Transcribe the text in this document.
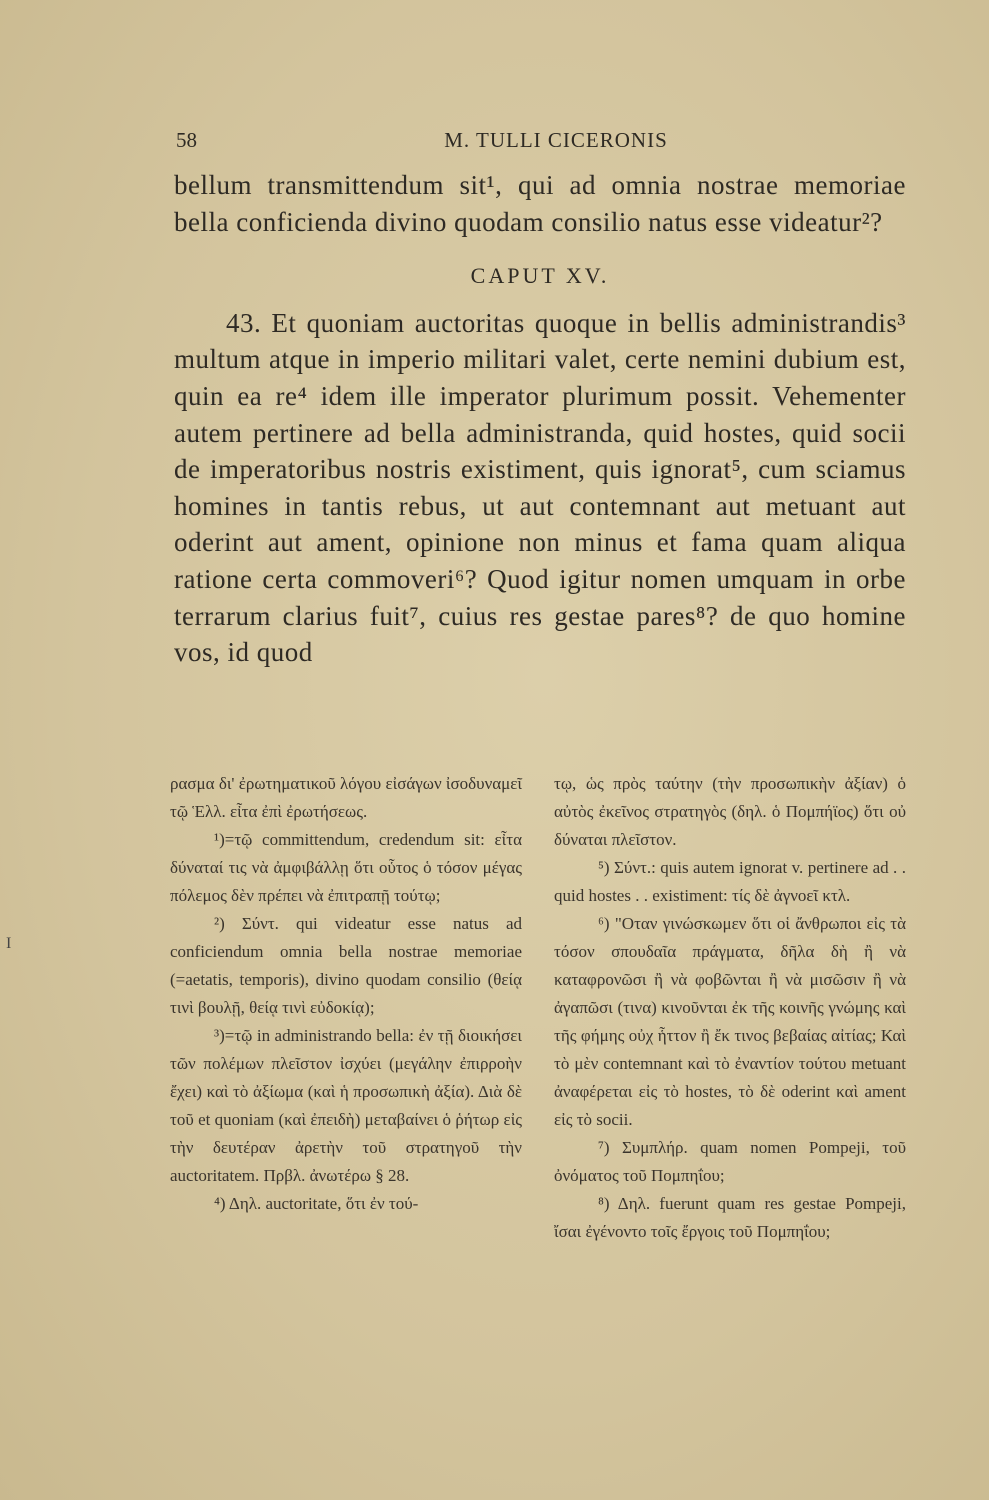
58	M. TULLI CICERONIS

bellum transmittendum sit¹, qui ad omnia nostrae memoriae bella conficienda divino quodam consilio natus esse videatur²?

CAPUT XV.

43. Et quoniam auctoritas quoque in bellis administrandis³ multum atque in imperio militari valet, certe nemini dubium est, quin ea re⁴ idem ille imperator plurimum possit. Vehementer autem pertinere ad bella administranda, quid hostes, quid socii de imperatoribus nostris existiment, quis ignorat⁵, cum sciamus homines in tantis rebus, ut aut contemnant aut metuant aut oderint aut ament, opinione non minus et fama quam aliqua ratione certa commoveri⁶? Quod igitur nomen umquam in orbe terrarum clarius fuit⁷, cuius res gestae pares⁸? de quo homine vos, id quod

ρασμα δι' ἐρωτηματικοῦ λόγου εἰσάγων ἰσοδυναμεῖ τῷ Ἑλλ. εἶτα ἐπὶ ἐρωτήσεως.

¹)=τῷ committendum, credendum sit: εἶτα δύναταί τις νὰ ἀμφιβάλλῃ ὅτι οὗτος ὁ τόσον μέγας πόλεμος δὲν πρέπει νὰ ἐπιτραπῇ τούτῳ;

²) Σύντ. qui videatur esse natus ad conficiendum omnia bella nostrae memoriae (=aetatis, temporis), divino quodam consilio (θείᾳ τινὶ βουλῇ, θείᾳ τινὶ εὐδοκίᾳ);

³)=τῷ in administrando bella: ἐν τῇ διοικήσει τῶν πολέμων πλεῖστον ἰσχύει (μεγάλην ἐπιρροὴν ἔχει) καὶ τὸ ἀξίωμα (καὶ ἡ προσωπικὴ ἀξία). Διὰ δὲ τοῦ et quoniam (καὶ ἐπειδὴ) μεταβαίνει ὁ ῥήτωρ εἰς τὴν δευτέραν ἀρετὴν τοῦ στρατηγοῦ τὴν auctoritatem. Πρβλ. ἀνωτέρω § 28.

⁴) Δηλ. auctoritate, ὅτι ἐν τού-

τῳ, ὡς πρὸς ταύτην (τὴν προσωπικὴν ἀξίαν) ὁ αὐτὸς ἐκεῖνος στρατηγὸς (δηλ. ὁ Πομπήϊος) ὅτι οὐ δύναται πλεῖστον.

⁵) Σύντ.: quis autem ignorat v. pertinere ad . . quid hostes . . existiment: τίς δὲ ἀγνοεῖ κτλ.

⁶) "Οταν γινώσκωμεν ὅτι οἱ ἄνθρωποι εἰς τὰ τόσον σπουδαῖα πράγματα, δῆλα δὴ ἢ νὰ καταφρονῶσι ἢ νὰ φοβῶνται ἢ νὰ μισῶσιν ἢ νὰ ἀγαπῶσι (τινα) κινοῦνται ἐκ τῆς κοινῆς γνώμης καὶ τῆς φήμης οὐχ ἧττον ἢ ἔκ τινος βεβαίας αἰτίας; Καὶ τὸ μὲν contemnant καὶ τὸ ἐναντίον τούτου metuant ἀναφέρεται εἰς τὸ hostes, τὸ δὲ oderint καὶ ament εἰς τὸ socii.

⁷) Συμπλήρ. quam nomen Pompeji, τοῦ ὀνόματος τοῦ Πομπηΐου;

⁸) Δηλ. fuerunt quam res gestae Pompeji, ἴσαι ἐγένοντο τοῖς ἔργοις τοῦ Πομπηΐου;

I
